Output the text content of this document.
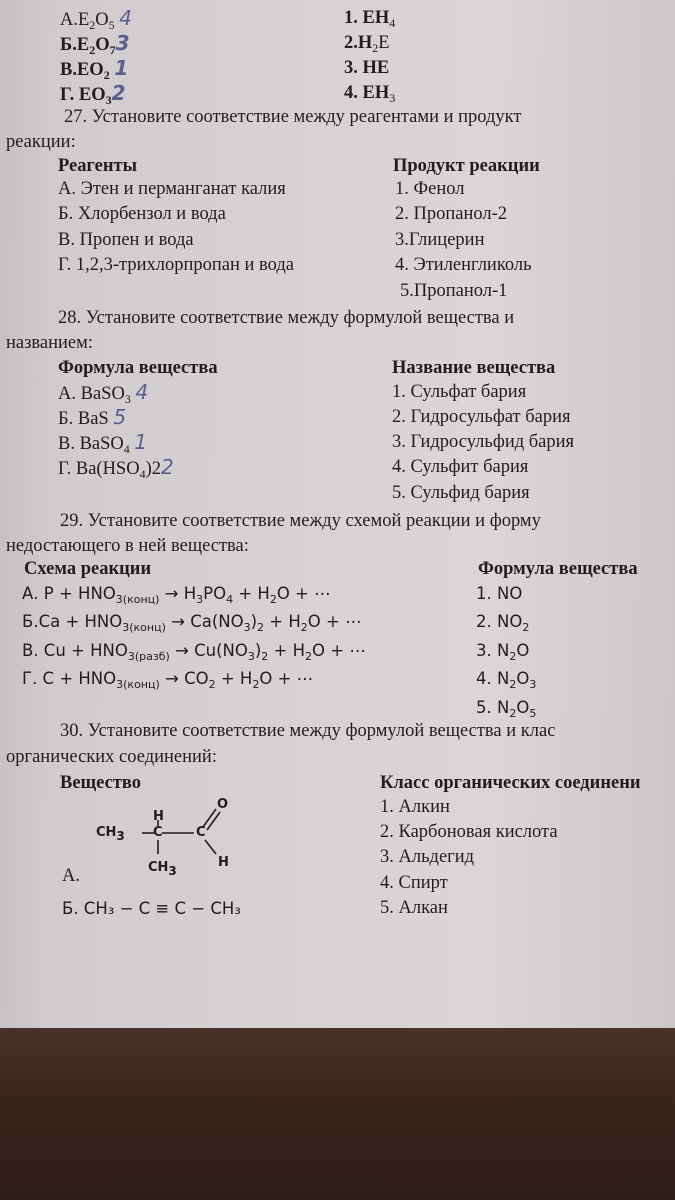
$А.E_2O_5$ 4
$Б.E_2O_73$
$В.EO_2$ 1
Г. $EO_32$
1. $EH_4$
$2.H_2E$
3. HE
4. $EH_3$
27. Установите соответствие между реагентами и продукт
реакции:
Реагенты	Продукт реакции
А. Этен и перманганат калия
Б. Хлорбензол и вода
В. Пропен и вода
Г. 1,2,3-трихлорпропан и вода
1. Фенол
2. Пропанол-2
3.Глицерин
4. Этиленгликоль
5.Пропанол-1
28. Установите соответствие между формулой вещества и
названием:
Формула вещества	Название вещества
А. BaSO$_3$ 4
Б. BaS 5
В. BaSO$_4$ 1
Г. $Ba(HSO_4)22$
1. Сульфат бария
2. Гидросульфат бария
3. Гидросульфид бария
4. Сульфит бария
5. Сульфид бария
29. Установите соответствие между схемой реакции и форму
недостающего в ней вещества:
Схема реакции	Формула вещества
А. $P + HNO_{3(конц)} \to H_3PO_4 + H_2O$ + ⋯
$Б.Ca + HNO_{3(конц)} \to Ca(NO_3)_2 + H_2O$ + ⋯
В. $Cu + HNO_{3(разб)} \to Cu(NO_3)_2 + H_2O$ + ⋯
Г. $C + HNO_{3(конц)} \to CO_2 + H_2O$ + ⋯
1. NO
2. $NO_2$
3. $N_2O$
4. $N_2O_3$
5. $N_2O_5$
30. Установите соответствие между формулой вещества и клас
органических соединений:
Вещество	Класс органических соединени
$CH_3$
H
C	C
O
H
$CH_3$
А.
Б. CH₃ − C ≡ C − CH₃
1. Алкин
2. Карбоновая кислота
3. Альдегид
4. Спирт
5. Алкан
